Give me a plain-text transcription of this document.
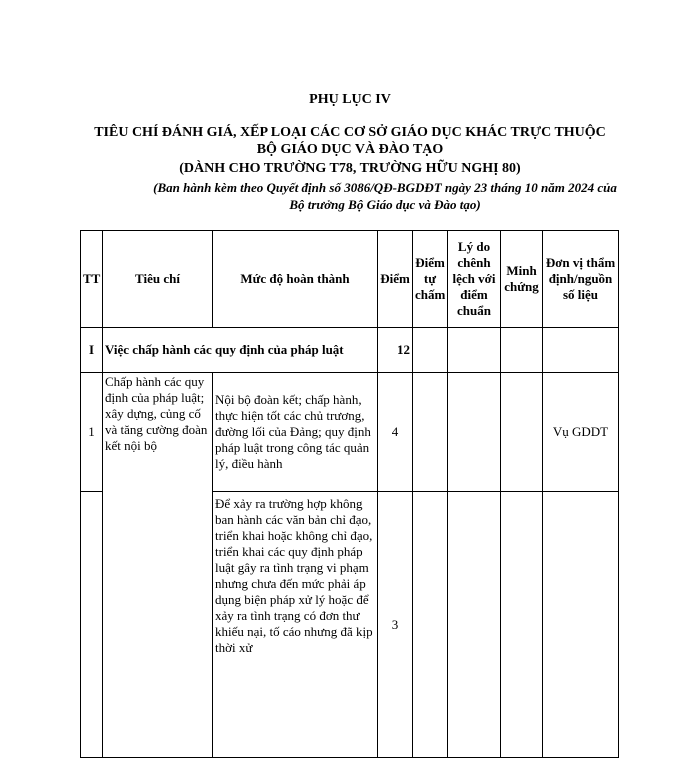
PHỤ LỤC IV
TIÊU CHÍ ĐÁNH GIÁ, XẾP LOẠI CÁC CƠ SỞ GIÁO DỤC KHÁC TRỰC THUỘC BỘ GIÁO DỤC VÀ ĐÀO TẠO
(DÀNH CHO TRƯỜNG T78, TRƯỜNG HỮU NGHỊ 80)
(Ban hành kèm theo Quyết định số 3086/QĐ-BGDĐT ngày 23 tháng 10 năm 2024 của Bộ trưởng Bộ Giáo dục và Đào tạo)
TT	Tiêu chí	Mức độ hoàn thành	Điểm	Điểm tự chấm	Lý do chênh lệch với điểm chuẩn	Minh chứng	Đơn vị thẩm định/nguồn số liệu
I	Việc chấp hành các quy định của pháp luật		12				
1	Chấp hành các quy định của pháp luật; xây dựng, củng cố và tăng cường đoàn kết nội bộ	Nội bộ đoàn kết; chấp hành, thực hiện tốt các chủ trương, đường lối của Đảng; quy định pháp luật trong công tác quản lý, điều hành	4				Vụ GDDT
		Để xảy ra trường hợp không ban hành các văn bản chỉ đạo, triển khai hoặc không chỉ đạo, triển khai các quy định pháp luật gây ra tình trạng vi phạm nhưng chưa đến mức phải áp dụng biện pháp xử lý hoặc để xảy ra tình trạng có đơn thư khiếu nại, tố cáo nhưng đã kịp thời xử	3				
